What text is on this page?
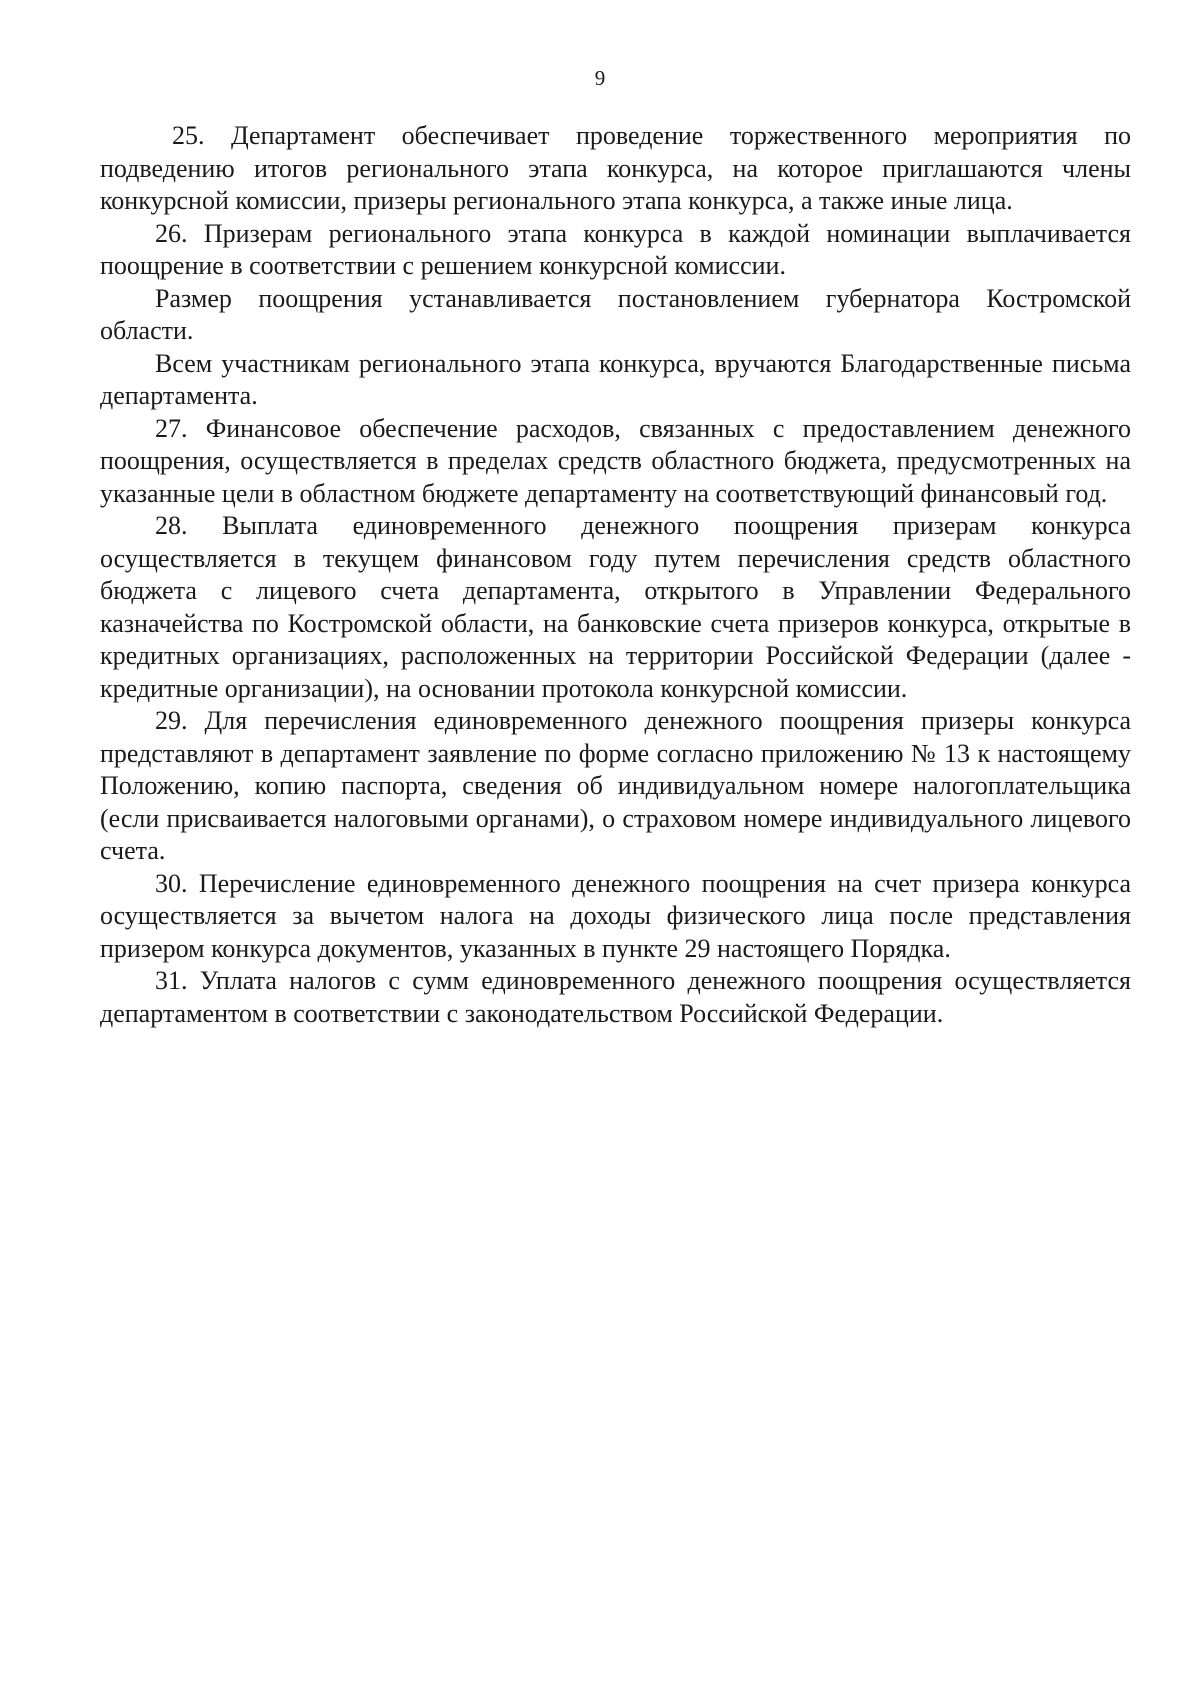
9

25. Департамент обеспечивает проведение торжественного мероприятия по подведению итогов регионального этапа конкурса, на которое приглашаются члены конкурсной комиссии, призеры регионального этапа конкурса, а также иные лица.

26. Призерам регионального этапа конкурса в каждой номинации выплачивается поощрение в соответствии с решением конкурсной комиссии.

Размер поощрения устанавливается постановлением губернатора Костромской области.

Всем участникам регионального этапа конкурса, вручаются Благодарственные письма департамента.

27. Финансовое обеспечение расходов, связанных с предоставлением денежного поощрения, осуществляется в пределах средств областного бюджета, предусмотренных на указанные цели в областном бюджете департаменту на соответствующий финансовый год.

28. Выплата единовременного денежного поощрения призерам конкурса осуществляется в текущем финансовом году путем перечисления средств областного бюджета с лицевого счета департамента, открытого в Управлении Федерального казначейства по Костромской области, на банковские счета призеров конкурса, открытые в кредитных организациях, расположенных на территории Российской Федерации (далее - кредитные организации), на основании протокола конкурсной комиссии.

29. Для перечисления единовременного денежного поощрения призеры конкурса представляют в департамент заявление по форме согласно приложению № 13 к настоящему Положению, копию паспорта, сведения об индивидуальном номере налогоплательщика (если присваивается налоговыми органами), о страховом номере индивидуального лицевого счета.

30. Перечисление единовременного денежного поощрения на счет призера конкурса осуществляется за вычетом налога на доходы физического лица после представления призером конкурса документов, указанных в пункте 29 настоящего Порядка.

31. Уплата налогов с сумм единовременного денежного поощрения осуществляется департаментом в соответствии с законодательством Российской Федерации.
